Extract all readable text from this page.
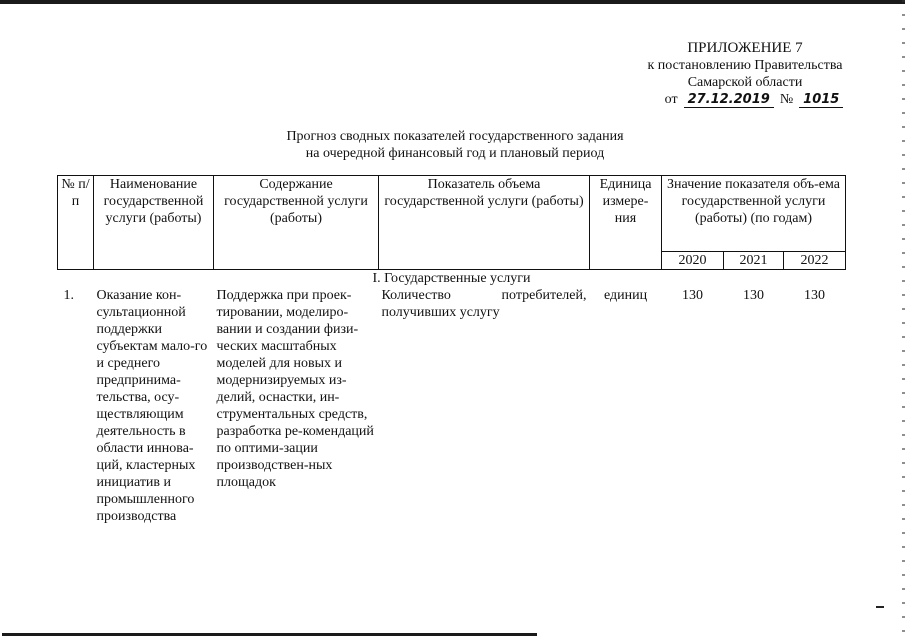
ПРИЛОЖЕНИЕ 7
к постановлению Правительства
Самарской области
от 27.12.2019 № 1015
Прогноз сводных показателей государственного задания
на очередной финансовый год и плановый период
№ п/п	Наименование государственной услуги (работы)	Содержание государственной услуги (работы)	Показатель объема государственной услуги (работы)	Единица измере-ния	Значение показателя объ-ема государственной услуги (работы) (по годам)		
					2020	2021	2022
I. Государственные услуги							
1.	Оказание кон-сультационной поддержки субъектам мало-го и среднего предпринима-тельства, осу-ществляющим деятельность в области иннова-ций, кластерных инициатив и промышленного производства	Поддержка при проек-тировании, моделиро-вании и создании физи-ческих масштабных моделей для новых и модернизируемых из-делий, оснастки, ин-струментальных средств, разработка ре-комендаций по оптими-зации производствен-ных площадок	Количество потребителей, получивших услугу	единиц	130	130	130
